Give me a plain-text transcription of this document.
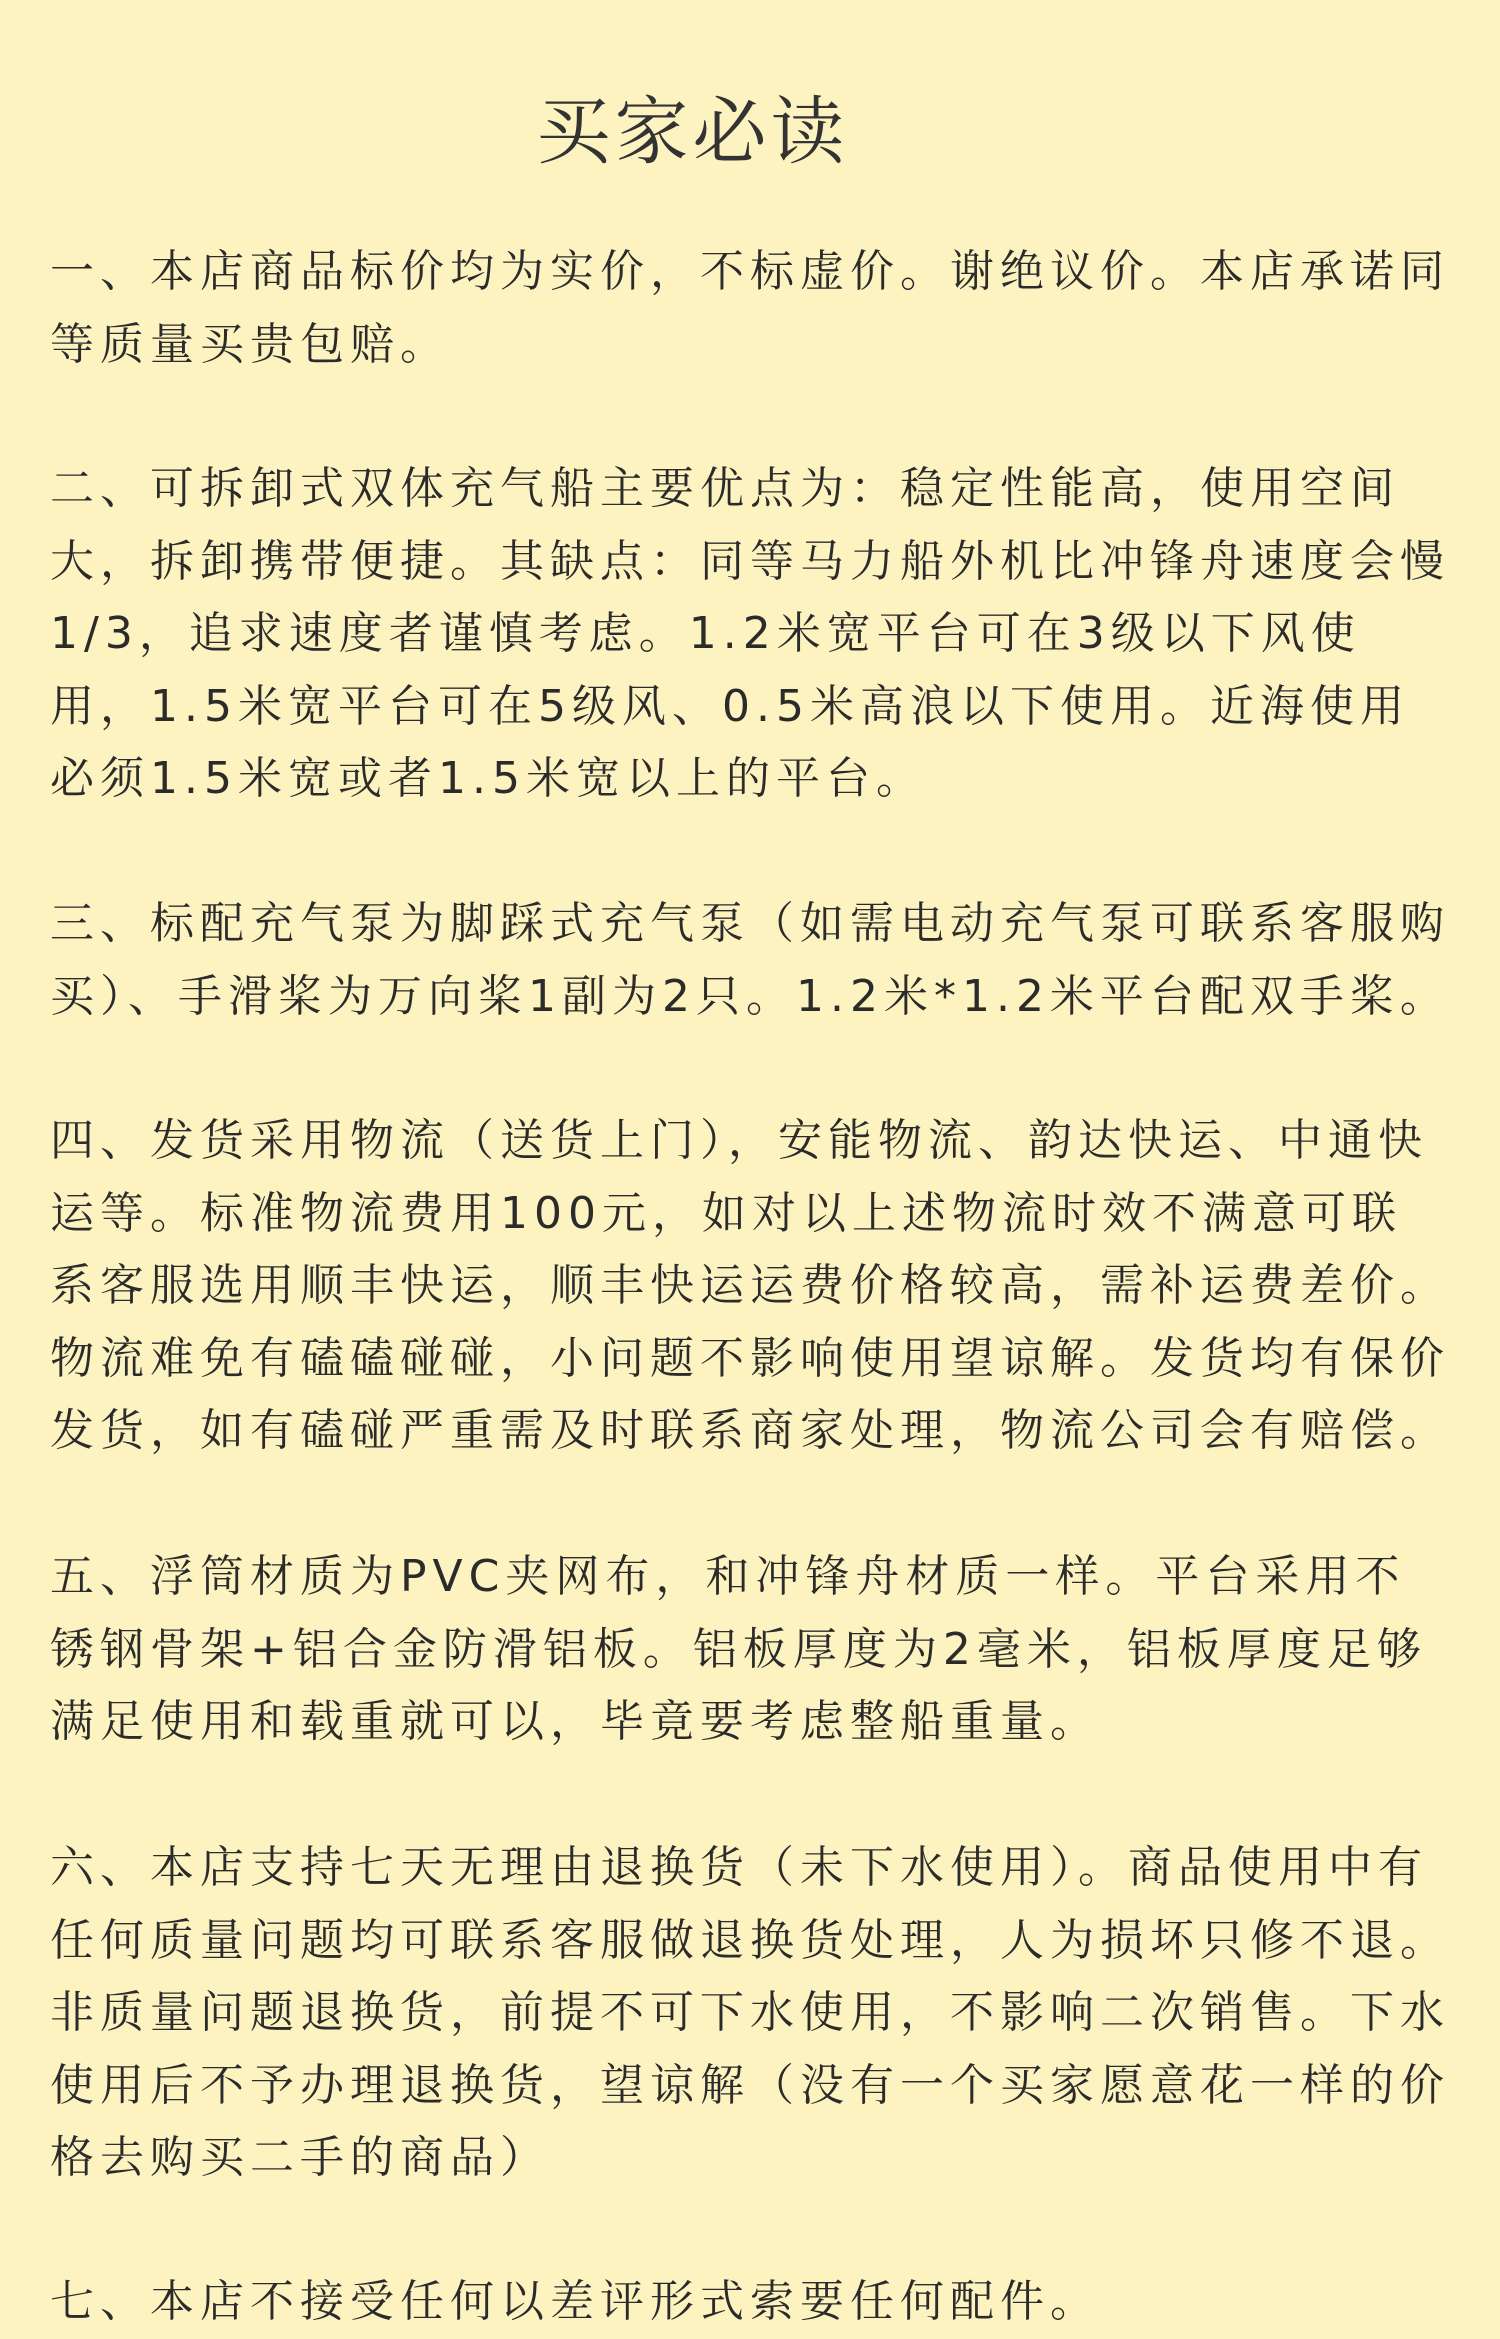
买家必读

一、本店商品标价均为实价，不标虚价。谢绝议价。本店承诺同等质量买贵包赔。

二、可拆卸式双体充气船主要优点为：稳定性能高，使用空间大，拆卸携带便捷。其缺点：同等马力船外机比冲锋舟速度会慢1/3，追求速度者谨慎考虑。1.2米宽平台可在3级以下风使用，1.5米宽平台可在5级风、0.5米高浪以下使用。近海使用必须1.5米宽或者1.5米宽以上的平台。

三、标配充气泵为脚踩式充气泵（如需电动充气泵可联系客服购买）、手滑桨为万向桨1副为2只。1.2米*1.2米平台配双手桨。

四、发货采用物流（送货上门），安能物流、韵达快运、中通快运等。标准物流费用100元，如对以上述物流时效不满意可联系客服选用顺丰快运，顺丰快运运费价格较高，需补运费差价。物流难免有磕磕碰碰，小问题不影响使用望谅解。发货均有保价发货，如有磕碰严重需及时联系商家处理，物流公司会有赔偿。

五、浮筒材质为PVC夹网布，和冲锋舟材质一样。平台采用不锈钢骨架+铝合金防滑铝板。铝板厚度为2毫米，铝板厚度足够满足使用和载重就可以，毕竟要考虑整船重量。

六、本店支持七天无理由退换货（未下水使用）。商品使用中有任何质量问题均可联系客服做退换货处理，人为损坏只修不退。非质量问题退换货，前提不可下水使用，不影响二次销售。下水使用后不予办理退换货，望谅解（没有一个买家愿意花一样的价格去购买二手的商品）

七、本店不接受任何以差评形式索要任何配件。
